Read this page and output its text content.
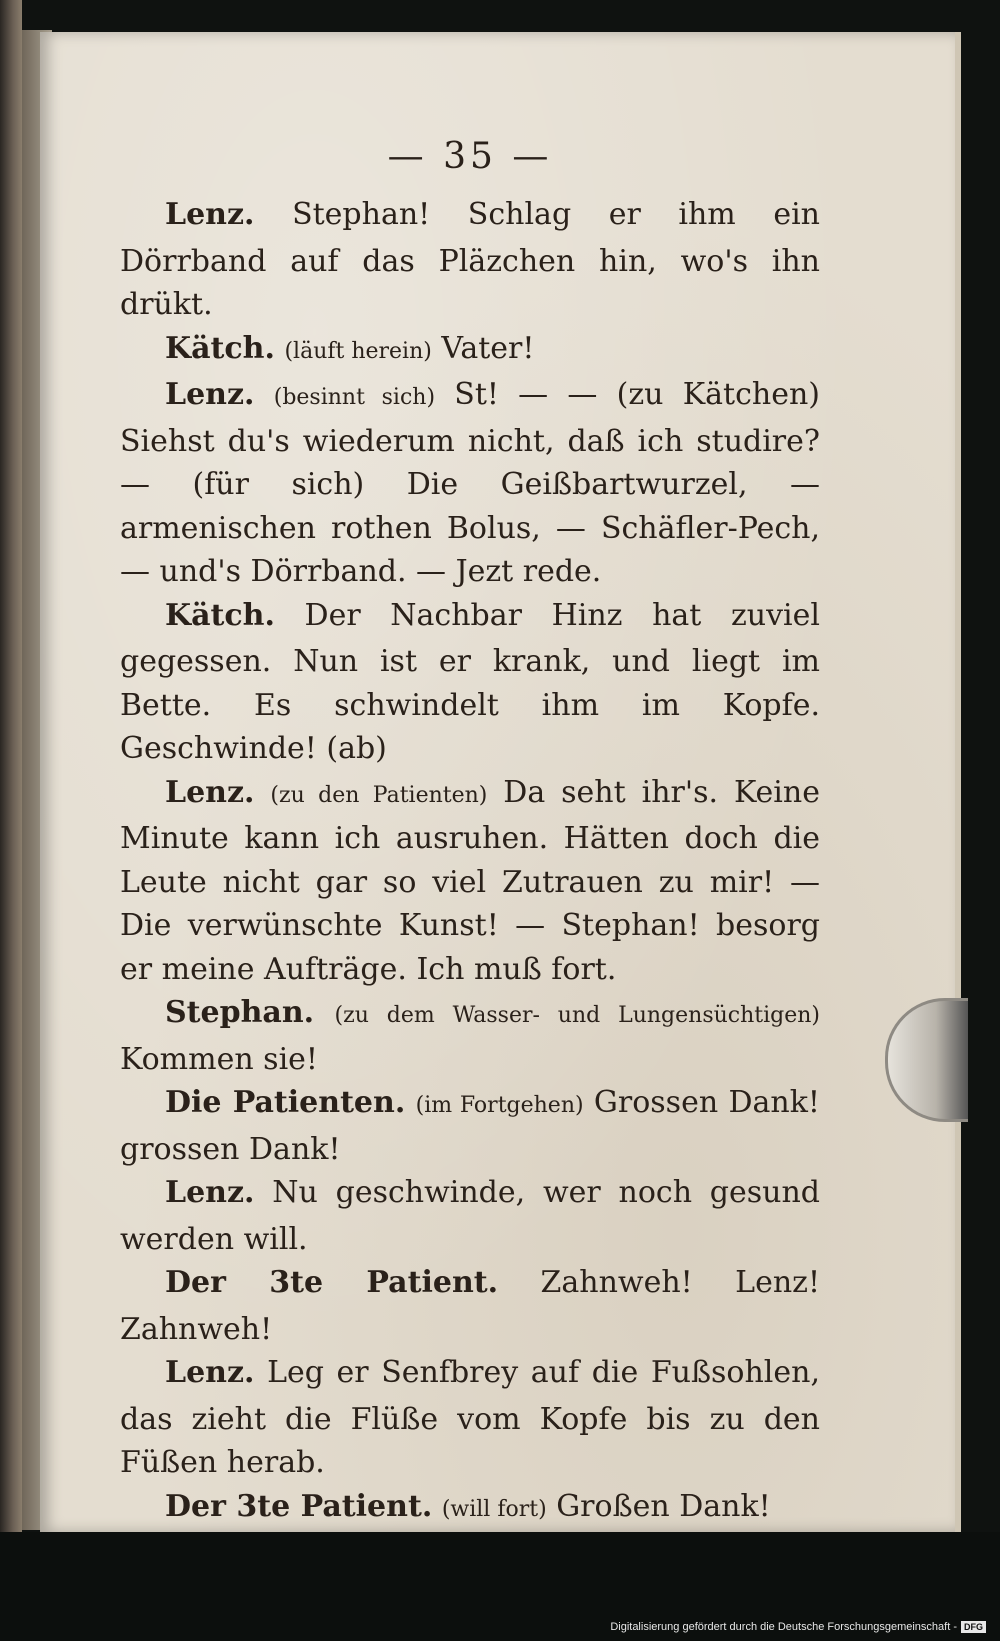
— 35 —

Lenz. Stephan! Schlag er ihm ein Dörrband auf das Pläzchen hin, wo's ihn drükt.

Kätch. (läuft herein) Vater!

Lenz. (besinnt sich) St! — — (zu Kätchen) Siehst du's wiederum nicht, daß ich studire? — (für sich) Die Geißbartwurzel, — armenischen rothen Bolus, — Schäfler-Pech, — und's Dörrband. — Jezt rede.

Kätch. Der Nachbar Hinz hat zuviel gegessen. Nun ist er krank, und liegt im Bette. Es schwindelt ihm im Kopfe. Geschwinde! (ab)

Lenz. (zu den Patienten) Da seht ihr's. Keine Minute kann ich ausruhen. Hätten doch die Leute nicht gar so viel Zutrauen zu mir! — Die verwünschte Kunst! — Stephan! besorg er meine Aufträge. Ich muß fort.

Stephan. (zu dem Wasser- und Lungensüchtigen) Kommen sie!

Die Patienten. (im Fortgehen) Grossen Dank! grossen Dank!

Lenz. Nu geschwinde, wer noch gesund werden will.

Der 3te Patient. Zahnweh! Lenz! Zahnweh!

Lenz. Leg er Senfbrey auf die Fußsohlen, das zieht die Flüße vom Kopfe bis zu den Füßen herab.

Der 3te Patient. (will fort) Großen Dank!

Digitalisierung gefördert durch die Deutsche Forschungsgemeinschaft - DFG
